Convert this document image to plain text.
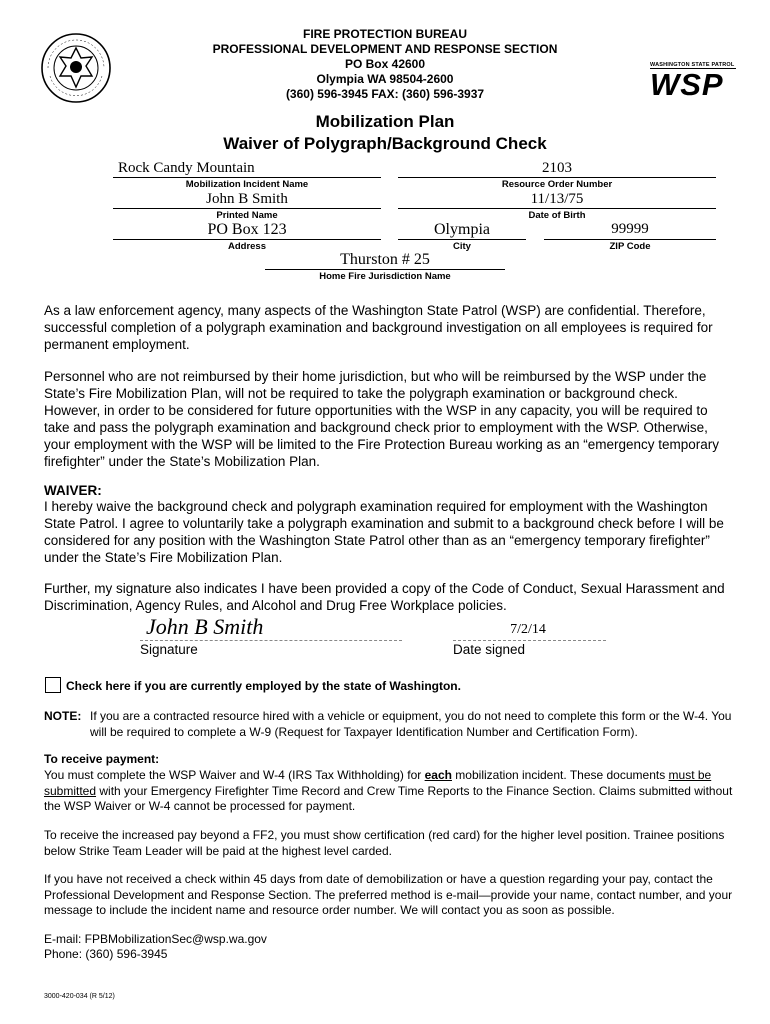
WASHINGTON STATE PATROL
WSP
FIRE PROTECTION BUREAU
PROFESSIONAL DEVELOPMENT AND RESPONSE SECTION
PO Box 42600
Olympia WA 98504-2600
(360) 596-3945 FAX: (360) 596-3937
Mobilization Plan
Waiver of Polygraph/Background Check
Rock Candy Mountain
Mobilization Incident Name
2103
Resource Order Number
John B Smith
Printed Name
11/13/75
Date of Birth
PO Box 123
Address
Olympia
City
99999
ZIP Code
Thurston # 25
Home Fire Jurisdiction Name

As a law enforcement agency, many aspects of the Washington State Patrol (WSP) are confidential. Therefore, successful completion of a polygraph examination and background investigation on all employees is required for permanent employment.

Personnel who are not reimbursed by their home jurisdiction, but who will be reimbursed by the WSP under the State’s Fire Mobilization Plan, will not be required to take the polygraph examination or background check. However, in order to be considered for future opportunities with the WSP in any capacity, you will be required to take and pass the polygraph examination and background check prior to employment with the WSP. Otherwise, your employment with the WSP will be limited to the Fire Protection Bureau working as an “emergency temporary firefighter” under the State’s Mobilization Plan.

WAIVER:

I hereby waive the background check and polygraph examination required for employment with the Washington State Patrol. I agree to voluntarily take a polygraph examination and submit to a background check before I will be considered for any position with the Washington State Patrol other than as an “emergency temporary firefighter” under the State’s Fire Mobilization Plan.

Further, my signature also indicates I have been provided a copy of the Code of Conduct, Sexual Harassment and Discrimination, Agency Rules, and Alcohol and Drug Free Workplace policies.

John B Smith
Signature
7/2/14
Date signed
Check here if you are currently employed by the state of Washington.
NOTE: If you are a contracted resource hired with a vehicle or equipment, you do not need to complete this form or the W-4. You will be required to complete a W-9 (Request for Taxpayer Identification Number and Certification Form).
To receive payment:

You must complete the WSP Waiver and W-4 (IRS Tax Withholding) for each mobilization incident. These documents must be submitted with your Emergency Firefighter Time Record and Crew Time Reports to the Finance Section. Claims submitted without the WSP Waiver or W-4 cannot be processed for payment.

To receive the increased pay beyond a FF2, you must show certification (red card) for the higher level position. Trainee positions below Strike Team Leader will be paid at the highest level carded.

If you have not received a check within 45 days from date of demobilization or have a question regarding your pay, contact the Professional Development and Response Section. The preferred method is e-mail—provide your name, contact number, and your message to include the incident name and resource order number. We will contact you as soon as possible.

E-mail: FPBMobilizationSec@wsp.wa.gov
Phone: (360) 596-3945
3000-420-034 (R 5/12)
